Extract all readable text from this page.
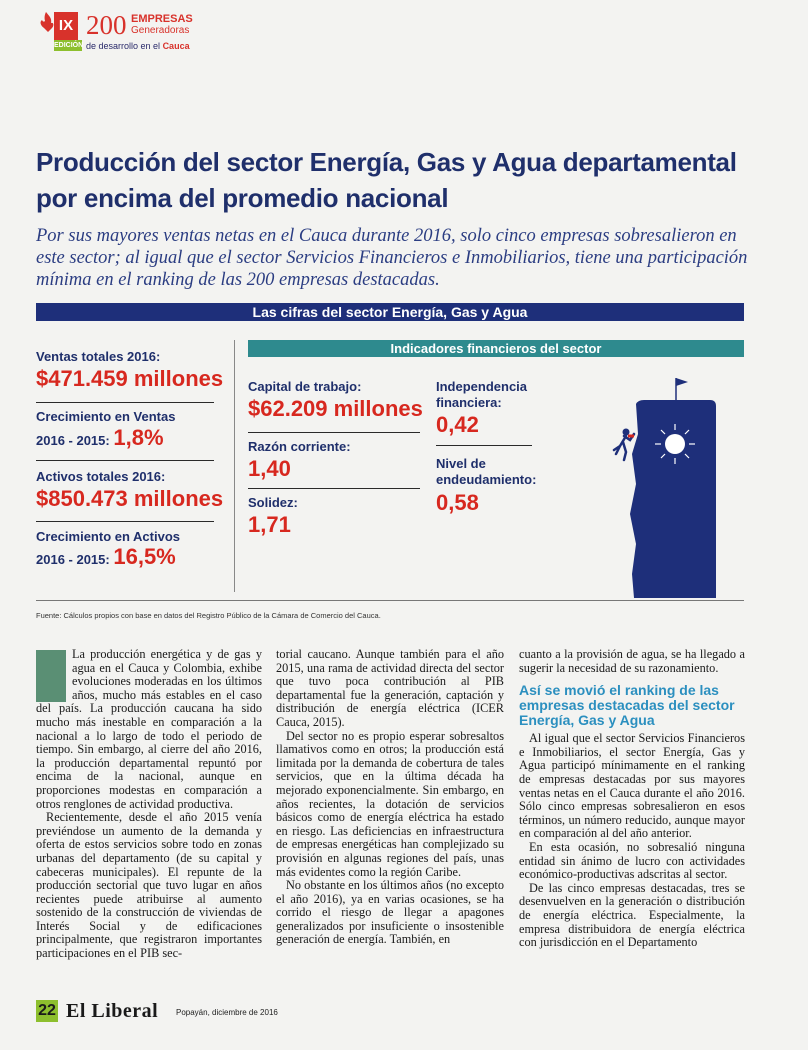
IX
EDICIÓN
200 EMPRESAS
Generadoras
de desarrollo en el Cauca
Producción del sector Energía, Gas y Agua departamental por encima del promedio nacional

Por sus mayores ventas netas en el Cauca durante 2016, solo cinco empresas sobresalieron en este sector; al igual que el sector Servicios Financieros e Inmobiliarios, tiene una participación mínima en el ranking de las 200 empresas destacadas.

Las cifras del sector Energía, Gas y Agua
Ventas totales 2016:
$471.459 millones
Crecimiento en Ventas
2016 - 2015: 1,8%
Activos totales 2016:
$850.473 millones
Crecimiento en Activos
2016 - 2015: 16,5%
Indicadores financieros del sector
Capital de trabajo:
$62.209 millones
Razón corriente:
1,40
Solidez:
1,71
Independencia financiera:
0,42
Nivel de endeudamiento:
0,58
Fuente: Cálculos propios con base en datos del Registro Público de la Cámara de Comercio del Cauca.

La producción energética y de gas y agua en el Cauca y Colombia, exhibe evoluciones moderadas en los últimos años, mucho más estables en el caso del país. La producción caucana ha sido mucho más inestable en comparación a la nacional a lo largo de todo el periodo de tiempo. Sin embargo, al cierre del año 2016, la producción departamental repuntó por encima de la nacional, aunque en proporciones modestas en comparación a otros renglones de actividad productiva.

Recientemente, desde el año 2015 venía previéndose un aumento de la demanda y oferta de estos servicios sobre todo en zonas urbanas del departamento (de su capital y cabeceras municipales). El repunte de la producción sectorial que tuvo lugar en años recientes puede atribuirse al aumento sostenido de la construcción de viviendas de Interés Social y de edificaciones principalmente, que registraron importantes participaciones en el PIB sec-

torial caucano. Aunque también para el año 2015, una rama de actividad directa del sector que tuvo poca contribución al PIB departamental fue la generación, captación y distribución de energía eléctrica (ICER Cauca, 2015).

Del sector no es propio esperar sobresaltos llamativos como en otros; la producción está limitada por la demanda de cobertura de tales servicios, que en la última década ha mejorado exponencialmente. Sin embargo, en años recientes, la dotación de servicios básicos como de energía eléctrica ha estado en riesgo. Las deficiencias en infraestructura de empresas energéticas han complejizado su provisión en algunas regiones del país, unas más evidentes como la región Caribe.

No obstante en los últimos años (no excepto el año 2016), ya en varias ocasiones, se ha corrido el riesgo de llegar a apagones generalizados por insuficiente o insostenible generación de energía. También, en

cuanto a la provisión de agua, se ha llegado a sugerir la necesidad de su razonamiento.

Así se movió el ranking de las empresas destacadas del sector Energía, Gas y Agua

Al igual que el sector Servicios Financieros e Inmobiliarios, el sector Energía, Gas y Agua participó mínimamente en el ranking de empresas destacadas por sus mayores ventas netas en el Cauca durante el año 2016. Sólo cinco empresas sobresalieron en esos términos, un número reducido, aunque mayor en comparación al del año anterior.

En esta ocasión, no sobresalió ninguna entidad sin ánimo de lucro con actividades económico-productivas adscritas al sector.

De las cinco empresas destacadas, tres se desenvuelven en la generación o distribución de energía eléctrica. Especialmente, la empresa distribuidora de energía eléctrica con jurisdicción en el Departamento

22 El Liberal Popayán, diciembre de 2016
